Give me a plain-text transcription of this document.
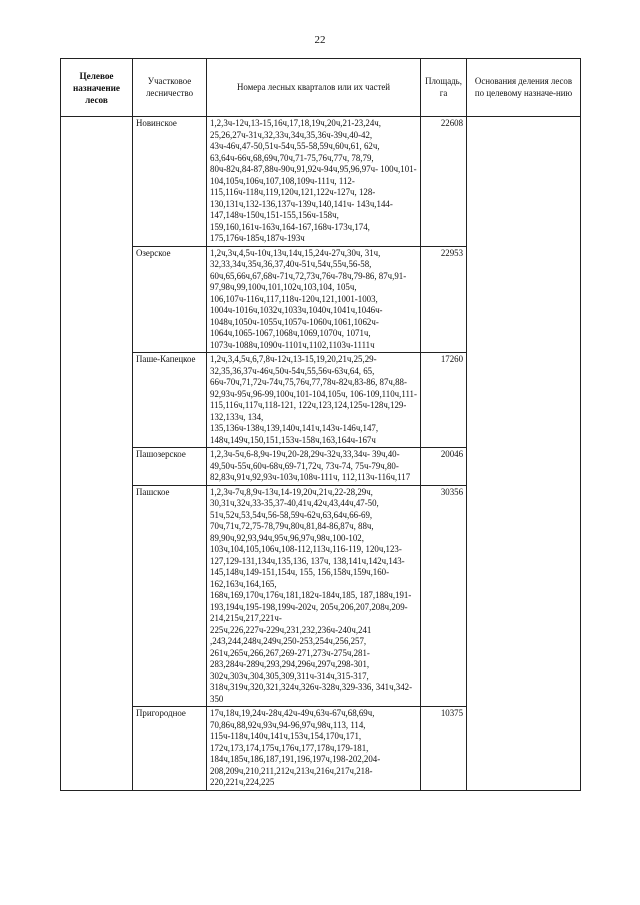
22
Целевое назначение лесов	Участковое лесничество	Номера лесных кварталов или их частей	Площадь, га	Основания деления лесов по целевому назначе-нию
	Новинское	1,2,3ч-12ч,13-15,16ч,17,18,19ч,20ч,21-23,24ч, 25,26,27ч-31ч,32,33ч,34ч,35,36ч-39ч,40-42, 43ч-46ч,47-50,51ч-54ч,55-58,59ч,60ч,61, 62ч, 63,64ч-66ч,68,69ч,70ч,71-75,76ч,77ч, 78,79, 80ч-82ч,84-87,88ч-90ч,91,92ч-94ч,95,96,97ч- 100ч,101-104,105ч,106ч,107,108,109ч-111ч, 112-115,116ч-118ч,119,120ч,121,122ч-127ч, 128-130,131ч,132-136,137ч-139ч,140,141ч- 143ч,144-147,148ч-150ч,151-155,156ч-158ч, 159,160,161ч-163ч,164-167,168ч-173ч,174, 175,176ч-185ч,187ч-193ч	22608	
	Озерское	1,2ч,3ч,4,5ч-10ч,13ч,14ч,15,24ч-27ч,30ч, 31ч, 32,33,34ч,35ч,36,37,40ч-51ч,54ч,55ч,56-58, 60ч,65,66ч,67,68ч-71ч,72,73ч,76ч-78ч,79-86, 87ч,91-97,98ч,99,100ч,101,102ч,103,104, 105ч, 106,107ч-116ч,117,118ч-120ч,121,1001-1003, 1004ч-1016ч,1032ч,1033ч,1040ч,1041ч,1046ч- 1048ч,1050ч-1055ч,1057ч-1060ч,1061,1062ч- 1064ч,1065-1067,1068ч,1069,1070ч, 1071ч, 1073ч-1088ч,1090ч-1101ч,1102,1103ч-1111ч	22953	
	Паше-Капецкое	1,2ч,3,4,5ч,6,7,8ч-12ч,13-15,19,20,21ч,25,29- 32,35,36,37ч-46ч,50ч-54ч,55,56ч-63ч,64, 65, 66ч-70ч,71,72ч-74ч,75,76ч,77,78ч-82ч,83-86, 87ч,88-92,93ч-95ч,96-99,100ч,101-104,105ч, 106-109,110ч,111-115,116ч,117ч,118-121, 122ч,123,124,125ч-128ч,129-132,133ч, 134, 135,136ч-138ч,139,140ч,141ч,143ч-146ч,147, 148ч,149ч,150,151,153ч-158ч,163,164ч-167ч	17260	
	Пашозерское	1,2,3ч-5ч,6-8,9ч-19ч,20-28,29ч-32ч,33,34ч- 39ч,40-49,50ч-55ч,60ч-68ч,69-71,72ч, 73ч-74, 75ч-79ч,80-82,83ч,91ч,92,93ч-103ч,108ч-111ч, 112,113ч-116ч,117	20046	
	Пашское	1,2,3ч-7ч,8,9ч-13ч,14-19,20ч,21ч,22-28,29ч, 30,31ч,32ч,33-35,37-40,41ч,42ч,43,44ч,47-50, 51ч,52ч,53,54ч,56-58,59ч-62ч,63,64ч,66-69, 70ч,71ч,72,75-78,79ч,80ч,81,84-86,87ч, 88ч, 89,90ч,92,93,94ч,95ч,96,97ч,98ч,100-102, 103ч,104,105,106ч,108-112,113ч,116-119, 120ч,123-127,129-131,134ч,135,136, 137ч, 138,141ч,142ч,143-145,148ч,149-151,154ч, 155, 156,158ч,159ч,160-162,163ч,164,165, 168ч,169,170ч,176ч,181,182ч-184ч,185, 187,188ч,191-193,194ч,195-198,199ч-202ч, 205ч,206,207,208ч,209-214,215ч,217,221ч- 225ч,226,227ч-229ч,231,232,236ч-240ч,241 ,243,244,248ч,249ч,250-253,254ч,256,257, 261ч,265ч,266,267,269-271,273ч-275ч,281- 283,284ч-289ч,293,294,296ч,297ч,298-301, 302ч,303ч,304,305,309,311ч-314ч,315-317, 318ч,319ч,320,321,324ч,326ч-328ч,329-336, 341ч,342-350	30356	
	Пригородное	17ч,18ч,19,24ч-28ч,42ч-49ч,63ч-67ч,68,69ч, 70,86ч,88,92ч,93ч,94-96,97ч,98ч,113, 114, 115ч-118ч,140ч,141ч,153ч,154,170ч,171, 172ч,173,174,175ч,176ч,177,178ч,179-181, 184ч,185ч,186,187,191,196,197ч,198-202,204- 208,209ч,210,211,212ч,213ч,216ч,217ч,218- 220,221ч,224,225	10375	
